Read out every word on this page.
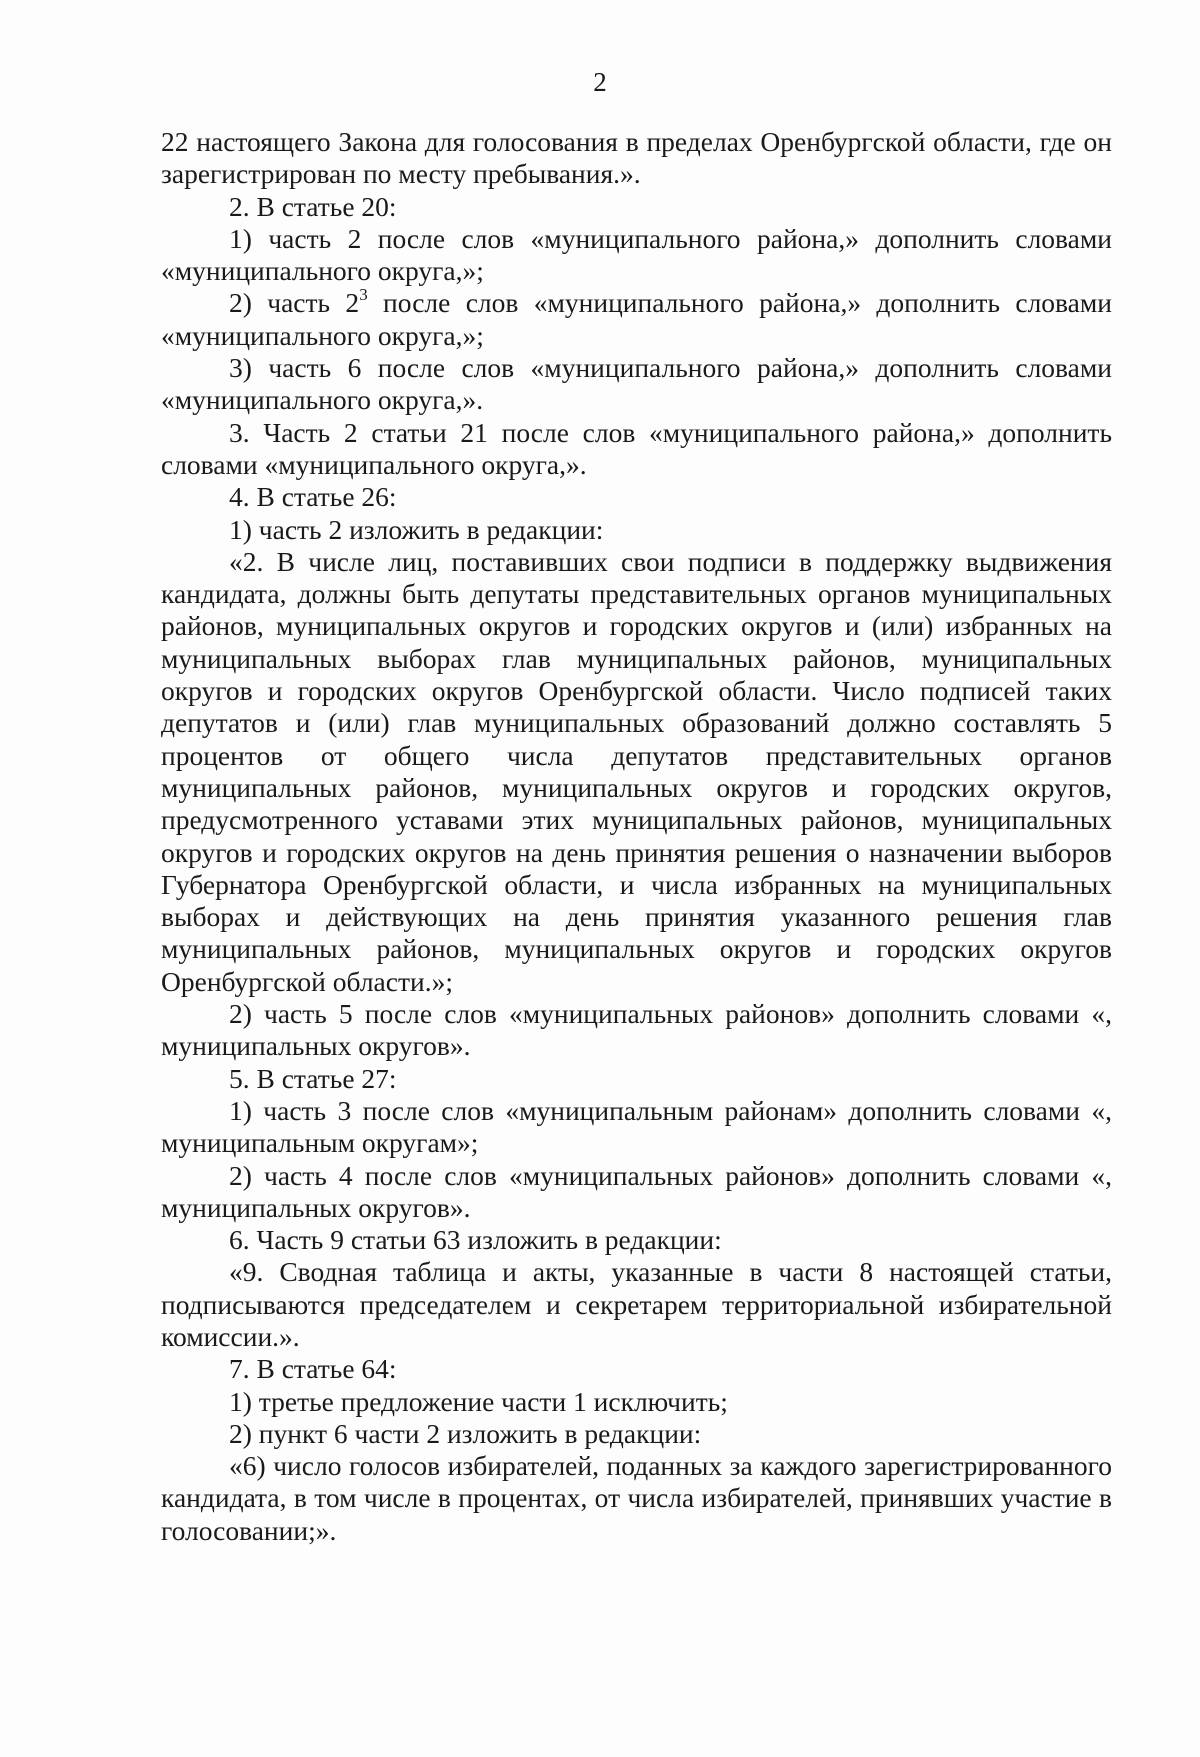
2

22 настоящего Закона для голосования в пределах Оренбургской области, где он зарегистрирован по месту пребывания.».

2. В статье 20:

1) часть 2 после слов «муниципального района,» дополнить словами «муниципального округа,»;

2) часть $2^3$ после слов «муниципального района,» дополнить словами «муниципального округа,»;

3) часть 6 после слов «муниципального района,» дополнить словами «муниципального округа,».

3. Часть 2 статьи 21 после слов «муниципального района,» дополнить словами «муниципального округа,».

4. В статье 26:

1) часть 2 изложить в редакции:

«2. В числе лиц, поставивших свои подписи в поддержку выдвижения кандидата, должны быть депутаты представительных органов муниципальных районов, муниципальных округов и городских округов и (или) избранных на муниципальных выборах глав муниципальных районов, муниципальных округов и городских округов Оренбургской области. Число подписей таких депутатов и (или) глав муниципальных образований должно составлять 5 процентов от общего числа депутатов представительных органов муниципальных районов, муниципальных округов и городских округов, предусмотренного уставами этих муниципальных районов, муниципальных округов и городских округов на день принятия решения о назначении выборов Губернатора Оренбургской области, и числа избранных на муниципальных выборах и действующих на день принятия указанного решения глав муниципальных районов, муниципальных округов и городских округов Оренбургской области.»;

2) часть 5 после слов «муниципальных районов» дополнить словами «, муниципальных округов».

5. В статье 27:

1) часть 3 после слов «муниципальным районам» дополнить словами «, муниципальным округам»;

2) часть 4 после слов «муниципальных районов» дополнить словами «, муниципальных округов».

6. Часть 9 статьи 63 изложить в редакции:

«9. Сводная таблица и акты, указанные в части 8 настоящей статьи, подписываются председателем и секретарем территориальной избирательной комиссии.».

7. В статье 64:

1) третье предложение части 1 исключить;

2) пункт 6 части 2 изложить в редакции:

«6) число голосов избирателей, поданных за каждого зарегистрированного кандидата, в том числе в процентах, от числа избирателей, принявших участие в голосовании;».
